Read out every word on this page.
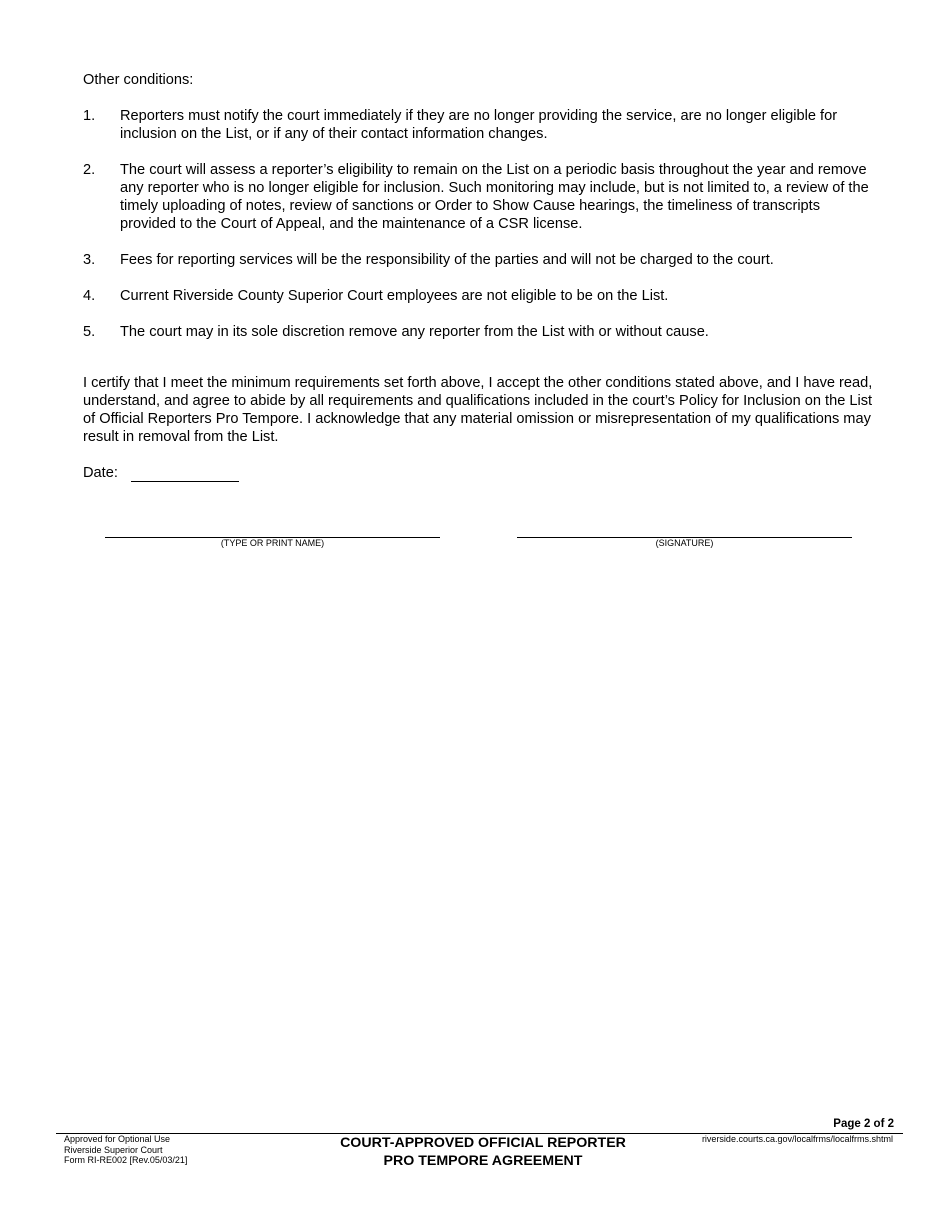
Other conditions:

1. Reporters must notify the court immediately if they are no longer providing the service, are no longer eligible for inclusion on the List, or if any of their contact information changes.
2. The court will assess a reporter’s eligibility to remain on the List on a periodic basis throughout the year and remove any reporter who is no longer eligible for inclusion. Such monitoring may include, but is not limited to, a review of the timely uploading of notes, review of sanctions or Order to Show Cause hearings, the timeliness of transcripts provided to the Court of Appeal, and the maintenance of a CSR license.
3. Fees for reporting services will be the responsibility of the parties and will not be charged to the court.
4. Current Riverside County Superior Court employees are not eligible to be on the List.
5. The court may in its sole discretion remove any reporter from the List with or without cause.

I certify that I meet the minimum requirements set forth above, I accept the other conditions stated above, and I have read, understand, and agree to abide by all requirements and qualifications included in the court’s Policy for Inclusion on the List of Official Reporters Pro Tempore. I acknowledge that any material omission or misrepresentation of my qualifications may result in removal from the List.

Date:
(TYPE OR PRINT NAME)	(SIGNATURE)
Page 2 of 2
Approved for Optional Use
Riverside Superior Court
Form RI-RE002 [Rev.05/03/21]
COURT-APPROVED OFFICIAL REPORTER
PRO TEMPORE AGREEMENT
riverside.courts.ca.gov/localfrms/localfrms.shtml
